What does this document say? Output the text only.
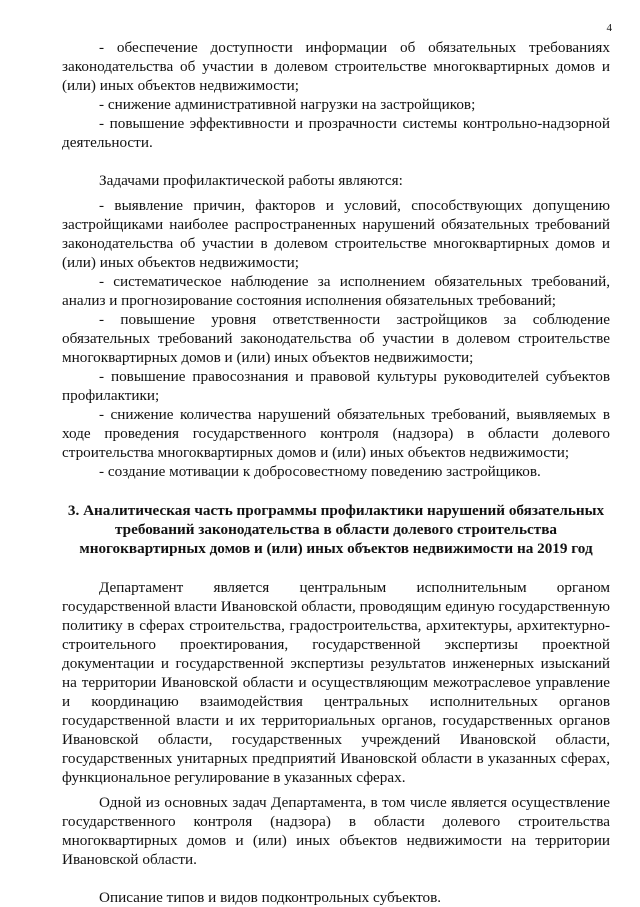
4

- обеспечение доступности информации об обязательных требованиях законодательства об участии в долевом строительстве многоквартирных домов и (или) иных объектов недвижимости;

- снижение административной нагрузки на застройщиков;

- повышение эффективности и прозрачности системы контрольно-надзорной деятельности.

Задачами профилактической работы являются:

- выявление причин, факторов и условий, способствующих допущению застройщиками наиболее распространенных нарушений обязательных требований законодательства об участии в долевом строительстве многоквартирных домов и (или) иных объектов недвижимости;

- систематическое наблюдение за исполнением обязательных требований, анализ и прогнозирование состояния исполнения обязательных требований;

- повышение уровня ответственности застройщиков за соблюдение обязательных требований законодательства об участии в долевом строительстве многоквартирных домов и (или) иных объектов недвижимости;

- повышение правосознания и правовой культуры руководителей субъектов профилактики;

- снижение количества нарушений обязательных требований, выявляемых в ходе проведения государственного контроля (надзора) в области долевого строительства многоквартирных домов и (или) иных объектов недвижимости;

- создание мотивации к добросовестному поведению застройщиков.

3. Аналитическая часть программы профилактики нарушений обязательных требований законодательства в области долевого строительства многоквартирных домов и (или) иных объектов недвижимости на 2019 год

Департамент является центральным исполнительным органом государственной власти Ивановской области, проводящим единую государственную политику в сферах строительства, градостроительства, архитектуры, архитектурно-строительного проектирования, государственной экспертизы проектной документации и государственной экспертизы результатов инженерных изысканий на территории Ивановской области и осуществляющим межотраслевое управление и координацию взаимодействия центральных исполнительных органов государственной власти и их территориальных органов, государственных органов Ивановской области, государственных учреждений Ивановской области, государственных унитарных предприятий Ивановской области в указанных сферах, функциональное регулирование в указанных сферах.

Одной из основных задач Департамента, в том числе является осуществление государственного контроля (надзора) в области долевого строительства многоквартирных домов и (или) иных объектов недвижимости на территории Ивановской области.

Описание типов и видов подконтрольных субъектов.
